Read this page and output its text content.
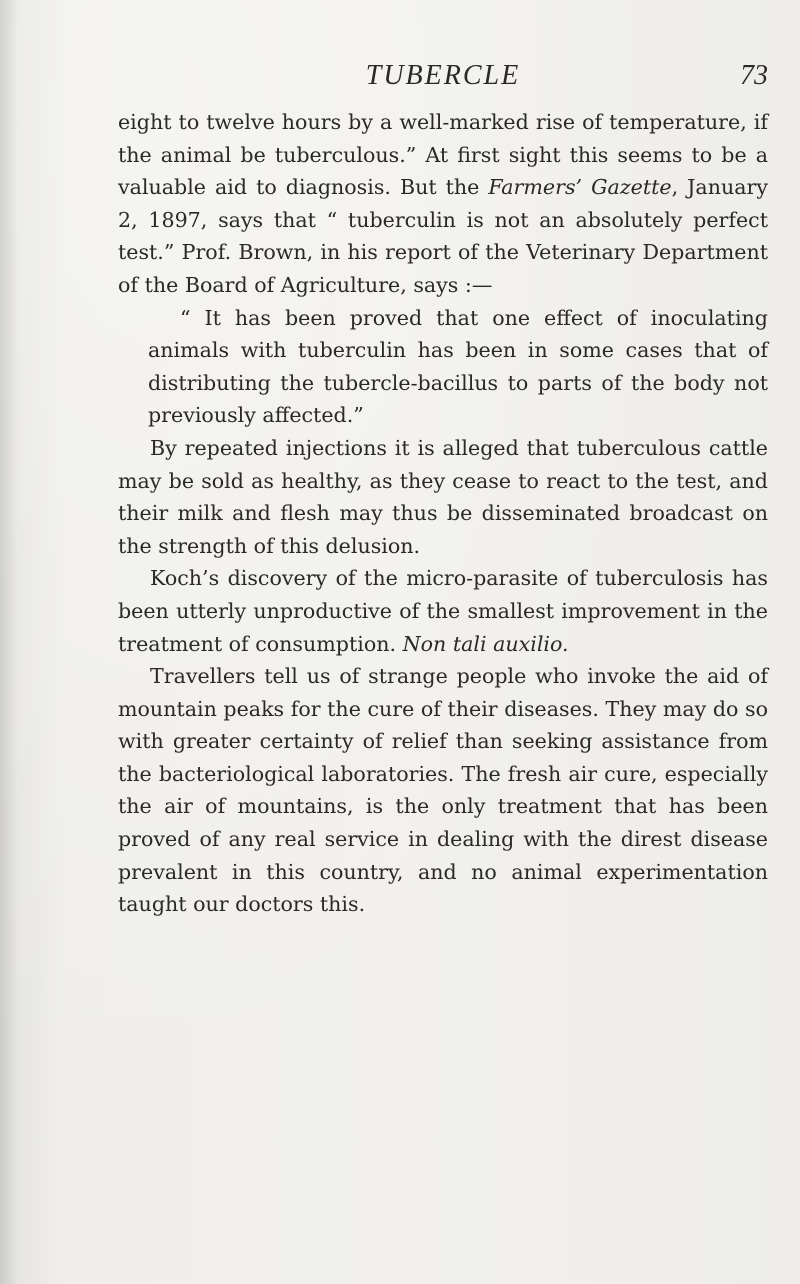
TUBERCLE	73

eight to twelve hours by a well-marked rise of temperature, if the animal be tuberculous.” At first sight this seems to be a valuable aid to diagnosis. But the Farmers’ Gazette, January 2, 1897, says that “ tuberculin is not an absolutely perfect test.” Prof. Brown, in his report of the Veterinary Department of the Board of Agriculture, says :—

“ It has been proved that one effect of inoculating animals with tuberculin has been in some cases that of distributing the tubercle-bacillus to parts of the body not previously affected.”

By repeated injections it is alleged that tuberculous cattle may be sold as healthy, as they cease to react to the test, and their milk and flesh may thus be disseminated broadcast on the strength of this delusion.

Koch’s discovery of the micro-parasite of tuberculosis has been utterly unproductive of the smallest improvement in the treatment of consumption. Non tali auxilio.

Travellers tell us of strange people who invoke the aid of mountain peaks for the cure of their diseases. They may do so with greater certainty of relief than seeking assistance from the bacteriological laboratories. The fresh air cure, especially the air of mountains, is the only treatment that has been proved of any real service in dealing with the direst disease prevalent in this country, and no animal experimentation taught our doctors this.
